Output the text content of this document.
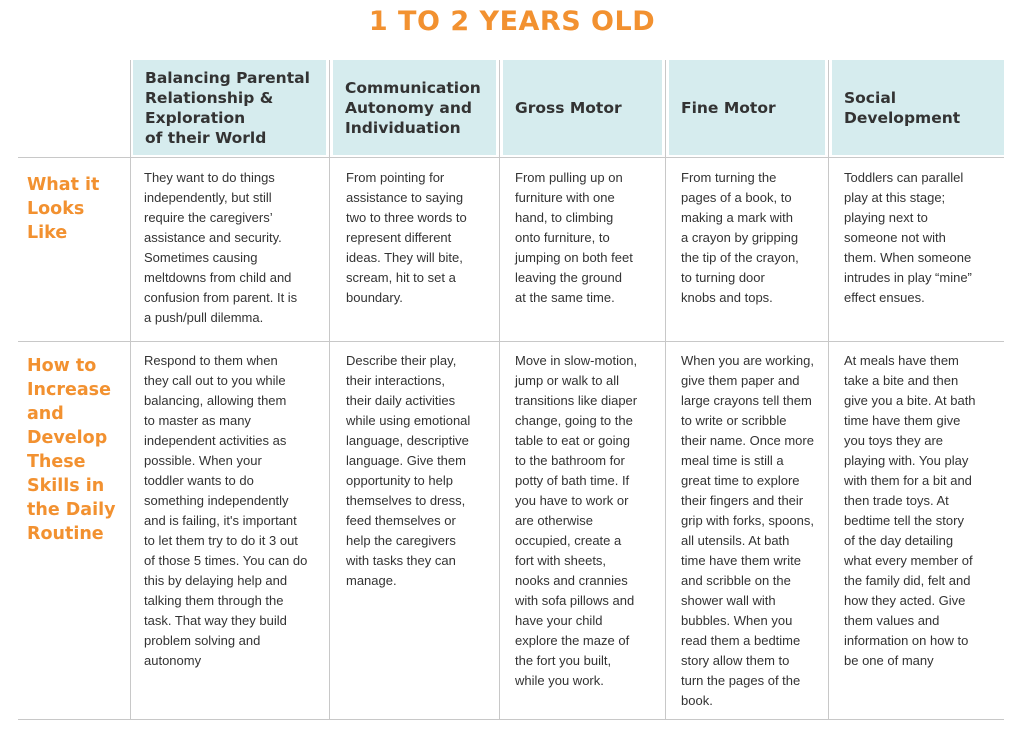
1 TO 2 YEARS OLD
Balancing Parental
Relationship &
Exploration
of their World
Communication
Autonomy and
Individuation
Gross Motor	Fine Motor
Social
Development
What it
Looks
Like
How to
Increase
and
Develop
These
Skills in
the Daily
Routine
They want to do things
independently, but still
require the caregivers’
assistance and security.
Sometimes causing
meltdowns from child and
confusion from parent. It is
a push/pull dilemma.
From pointing for
assistance to saying
two to three words to
represent different
ideas. They will bite,
scream, hit to set a
boundary.
From pulling up on
furniture with one
hand, to climbing
onto furniture, to
jumping on both feet
leaving the ground
at the same time.
From turning the
pages of a book, to
making a mark with
a crayon by gripping
the tip of the crayon,
to turning door
knobs and tops.
Toddlers can parallel
play at this stage;
playing next to
someone not with
them. When someone
intrudes in play “mine”
effect ensues.
Respond to them when
they call out to you while
balancing, allowing them
to master as many
independent activities as
possible. When your
toddler wants to do
something independently
and is failing, it's important
to let them try to do it 3 out
of those 5 times. You can do
this by delaying help and
talking them through the
task. That way they build
problem solving and
autonomy
Describe their play,
their interactions,
their daily activities
while using emotional
language, descriptive
language. Give them
opportunity to help
themselves to dress,
feed themselves or
help the caregivers
with tasks they can
manage.
Move in slow-motion,
jump or walk to all
transitions like diaper
change, going to the
table to eat or going
to the bathroom for
potty of bath time. If
you have to work or
are otherwise
occupied, create a
fort with sheets,
nooks and crannies
with sofa pillows and
have your child
explore the maze of
the fort you built,
while you work.
When you are working,
give them paper and
large crayons tell them
to write or scribble
their name. Once more
meal time is still a
great time to explore
their fingers and their
grip with forks, spoons,
all utensils. At bath
time have them write
and scribble on the
shower wall with
bubbles. When you
read them a bedtime
story allow them to
turn the pages of the
book.
At meals have them
take a bite and then
give you a bite. At bath
time have them give
you toys they are
playing with. You play
with them for a bit and
then trade toys. At
bedtime tell the story
of the day detailing
what every member of
the family did, felt and
how they acted. Give
them values and
information on how to
be one of many
